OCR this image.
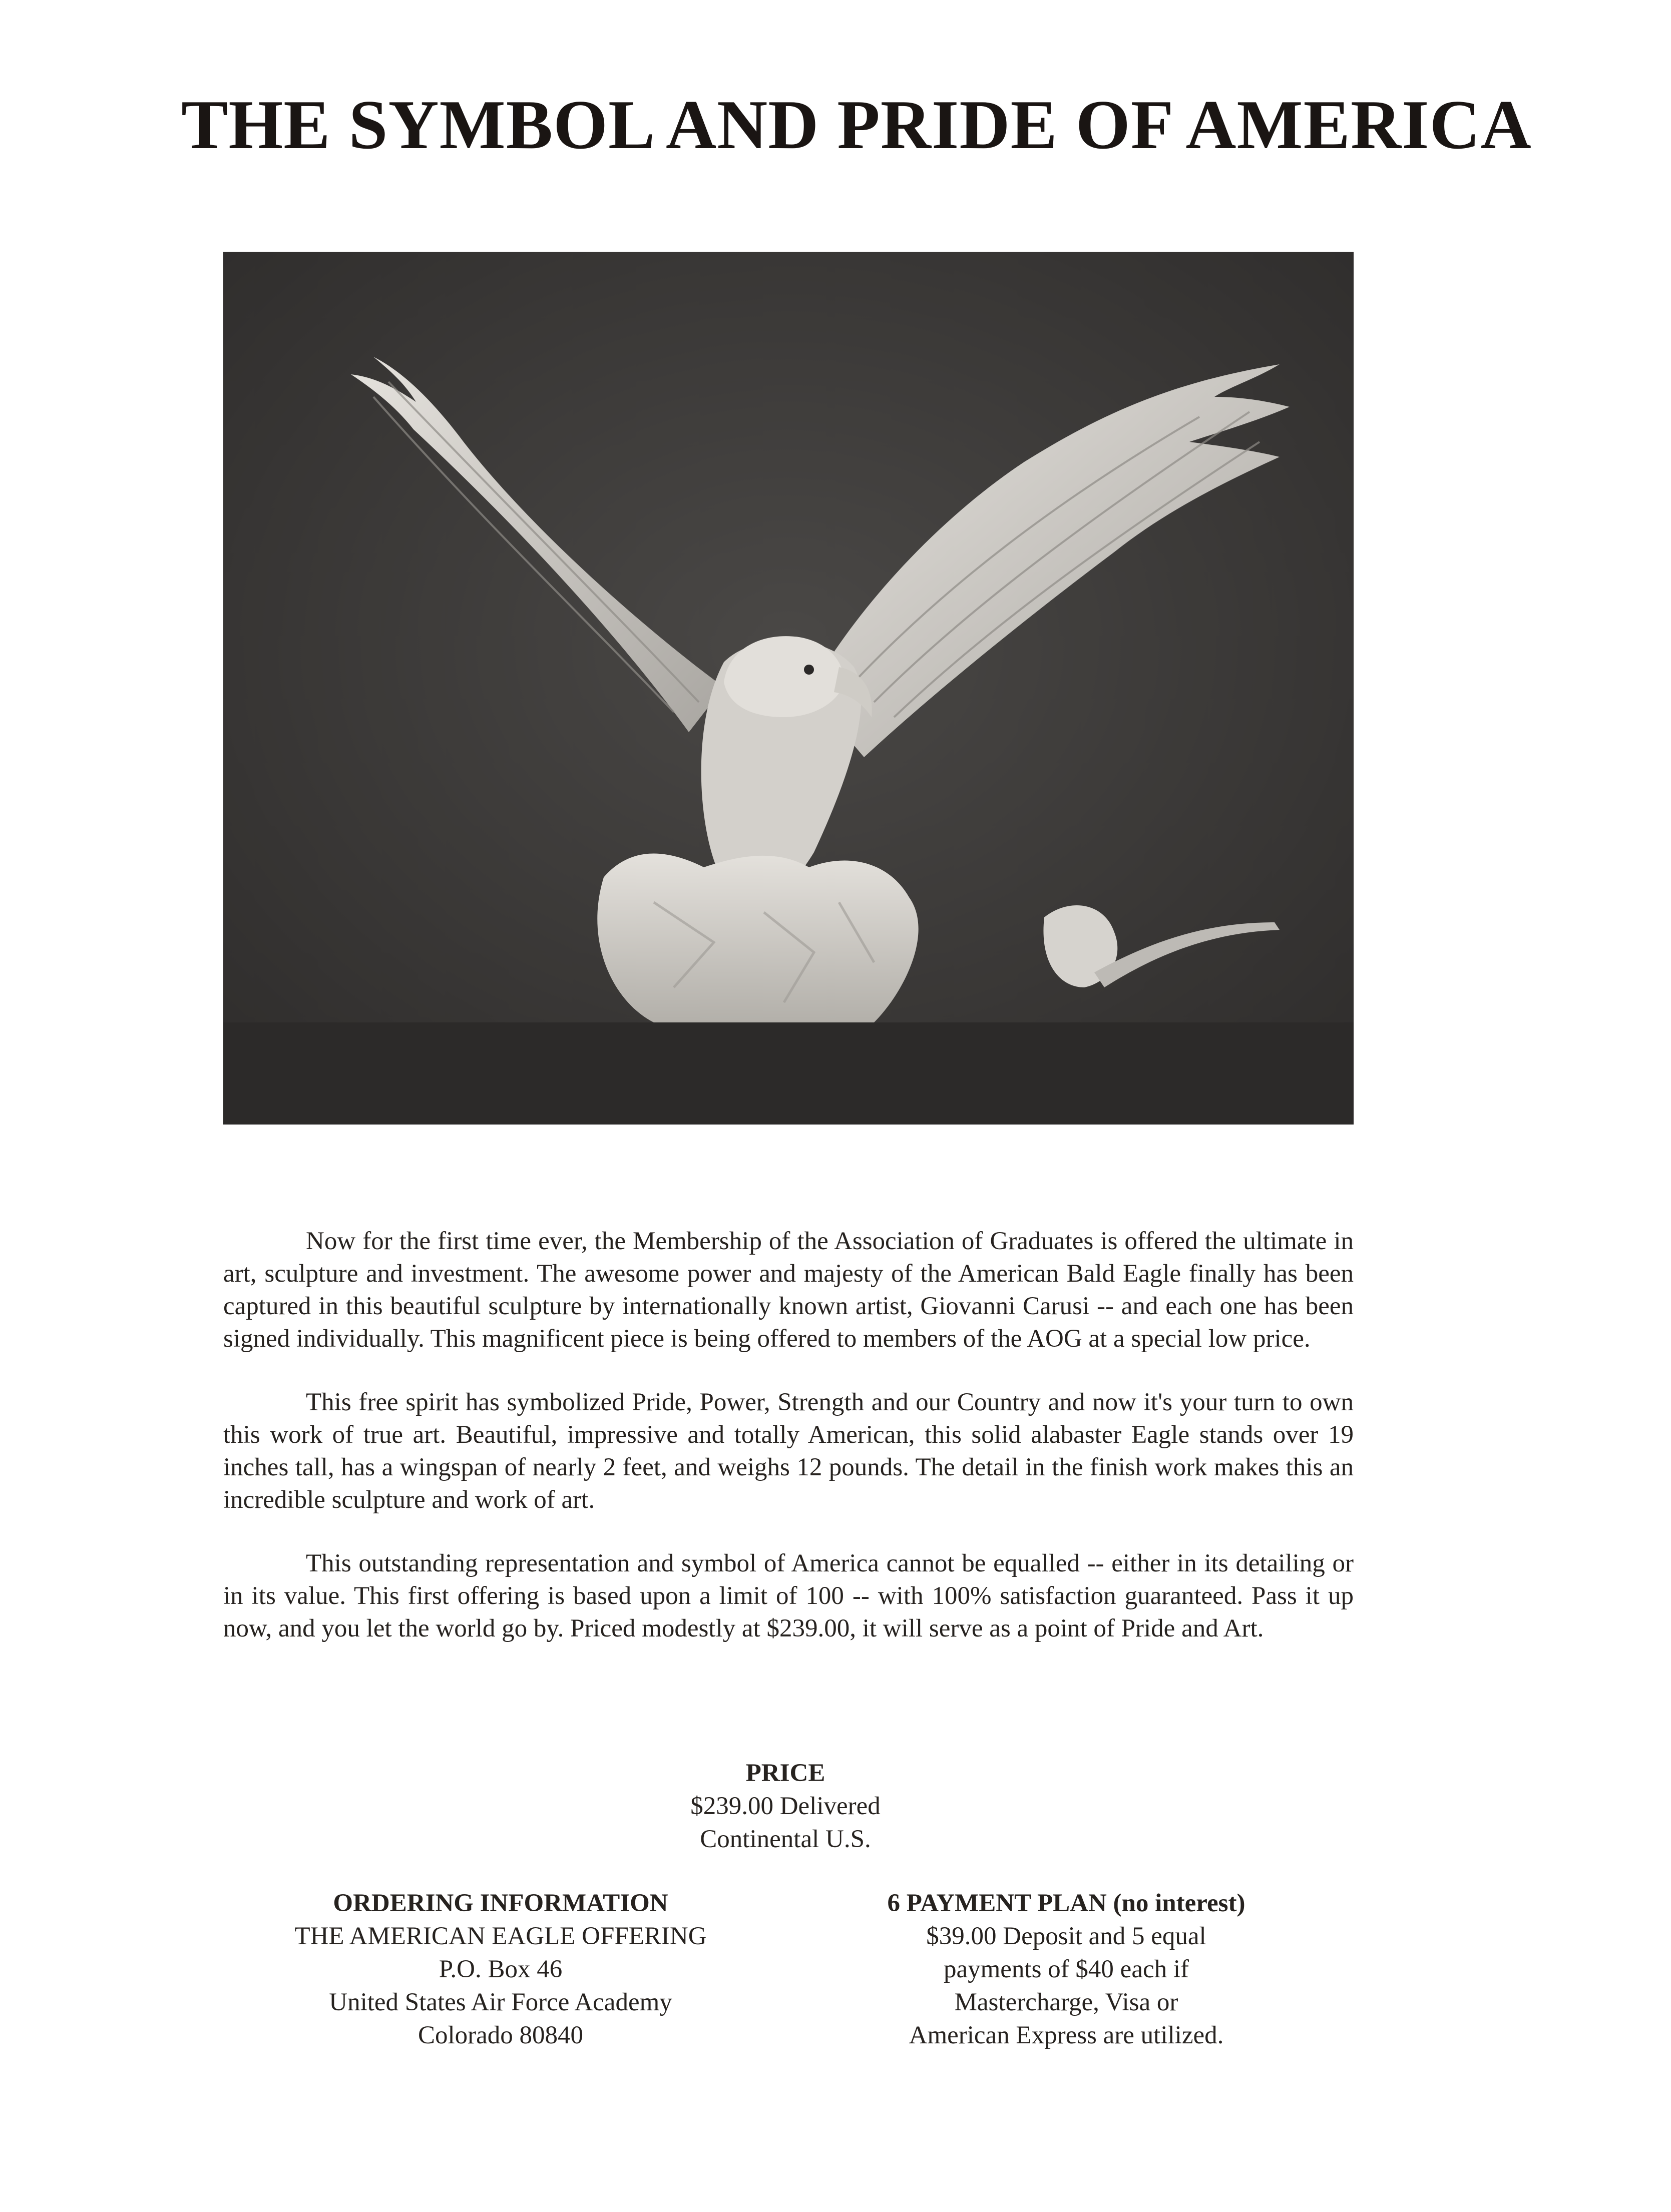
THE SYMBOL AND PRIDE OF AMERICA

Now for the first time ever, the Membership of the Association of Graduates is offered the ultimate in art, sculpture and investment. The awesome power and majesty of the American Bald Eagle finally has been captured in this beautiful sculpture by internationally known artist, Giovanni Carusi -- and each one has been signed individually. This magnificent piece is being offered to members of the AOG at a special low price.

This free spirit has symbolized Pride, Power, Strength and our Country and now it's your turn to own this work of true art. Beautiful, impressive and totally American, this solid alabaster Eagle stands over 19 inches tall, has a wingspan of nearly 2 feet, and weighs 12 pounds. The detail in the finish work makes this an incredible sculpture and work of art.

This outstanding representation and symbol of America cannot be equalled -- either in its detailing or in its value. This first offering is based upon a limit of 100 -- with 100% satisfaction guaranteed. Pass it up now, and you let the world go by. Priced modestly at $239.00, it will serve as a point of Pride and Art.

PRICE
$239.00 Delivered
Continental U.S.
ORDERING INFORMATION
THE AMERICAN EAGLE OFFERING
P.O. Box 46
United States Air Force Academy
Colorado 80840
6 PAYMENT PLAN (no interest)
$39.00 Deposit and 5 equal
payments of $40 each if
Mastercharge, Visa or
American Express are utilized.
